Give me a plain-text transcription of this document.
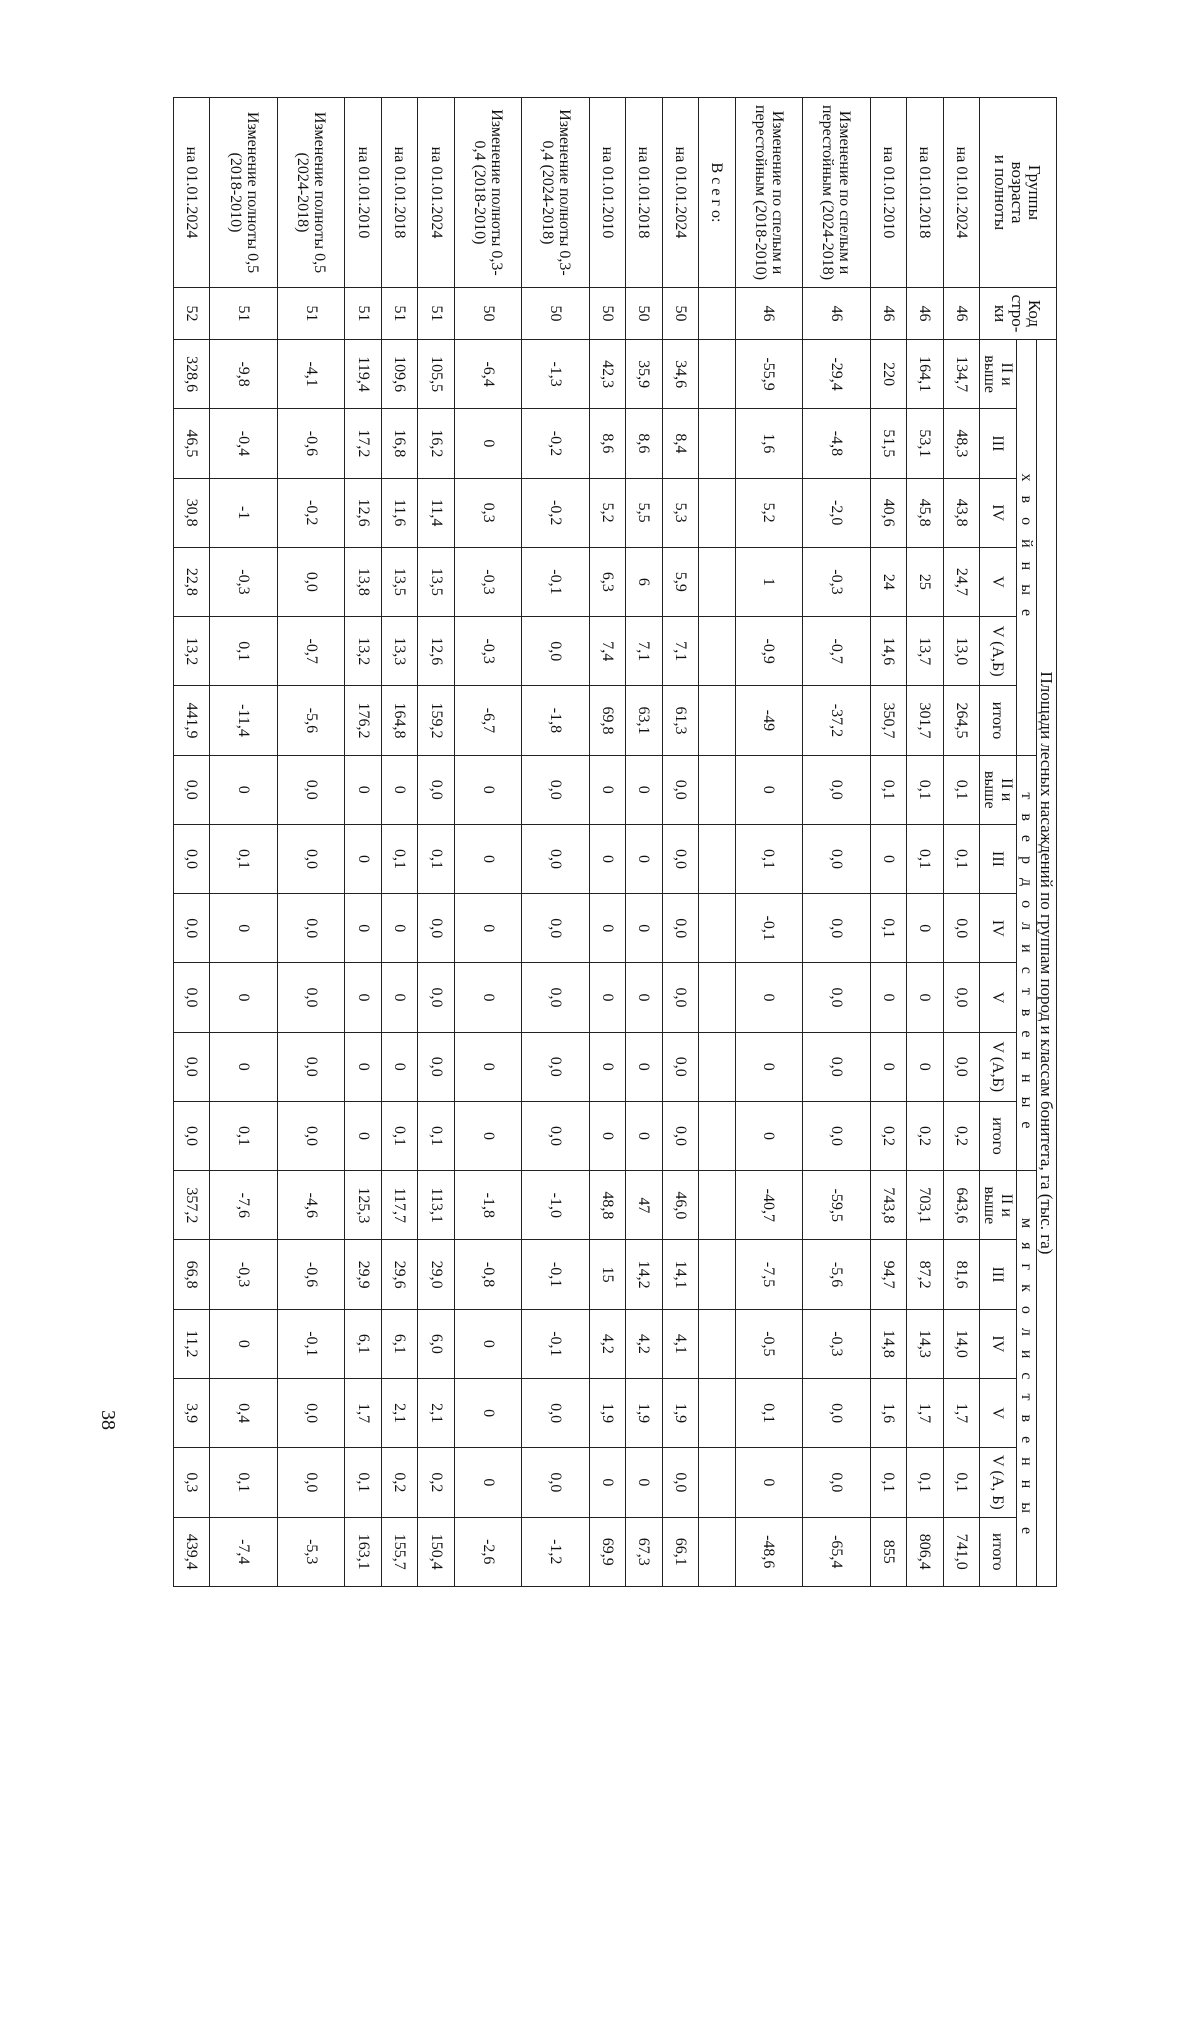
38
Группы
возраста
и полноты	Код стро-
ки	Площади лесных насаждений по группам пород и классам бонитета, га (тыс. га)																	
		х в о й н ы е						т в е р д о л и с т в е н н ы е						м я г к о л и с т в е н н ы е					
		II и выше	III	IV	V	V (А,Б)	итого	II и выше	III	IV	V	V (А,Б)	итого	II и выше	III	IV	V	V (А, Б)	итого
на 01.01.2024	46	134,7	48,3	43,8	24,7	13,0	264,5	0,1	0,1	0,0	0,0	0,0	0,2	643,6	81,6	14,0	1,7	0,1	741,0
на 01.01.2018	46	164,1	53,1	45,8	25	13,7	301,7	0,1	0,1	0	0	0	0,2	703,1	87,2	14,3	1,7	0,1	806,4
на 01.01.2010	46	220	51,5	40,6	24	14,6	350,7	0,1	0	0,1	0	0	0,2	743,8	94,7	14,8	1,6	0,1	855
Изменение по спелым и перестойным (2024-2018)	46	-29,4	-4,8	-2,0	-0,3	-0,7	-37,2	0,0	0,0	0,0	0,0	0,0	0,0	-59,5	-5,6	-0,3	0,0	0,0	-65,4
Изменение по спелым и перестойным (2018-2010)	46	-55,9	1,6	5,2	1	-0,9	-49	0	0,1	-0,1	0	0	0	-40,7	-7,5	-0,5	0,1	0	-48,6
В с е г о:																			
на 01.01.2024	50	34,6	8,4	5,3	5,9	7,1	61,3	0,0	0,0	0,0	0,0	0,0	0,0	46,0	14,1	4,1	1,9	0,0	66,1
на 01.01.2018	50	35,9	8,6	5,5	6	7,1	63,1	0	0	0	0	0	0	47	14,2	4,2	1,9	0	67,3
на 01.01.2010	50	42,3	8,6	5,2	6,3	7,4	69,8	0	0	0	0	0	0	48,8	15	4,2	1,9	0	69,9
Изменение полноты 0,3-0,4 (2024-2018)	50	-1,3	-0,2	-0,2	-0,1	0,0	-1,8	0,0	0,0	0,0	0,0	0,0	0,0	-1,0	-0,1	-0,1	0,0	0,0	-1,2
Изменение полноты 0,3-0,4 (2018-2010)	50	-6,4	0	0,3	-0,3	-0,3	-6,7	0	0	0	0	0	0	-1,8	-0,8	0	0	0	-2,6
на 01.01.2024	51	105,5	16,2	11,4	13,5	12,6	159,2	0,0	0,1	0,0	0,0	0,0	0,1	113,1	29,0	6,0	2,1	0,2	150,4
на 01.01.2018	51	109,6	16,8	11,6	13,5	13,3	164,8	0	0,1	0	0	0	0,1	117,7	29,6	6,1	2,1	0,2	155,7
на 01.01.2010	51	119,4	17,2	12,6	13,8	13,2	176,2	0	0	0	0	0	0	125,3	29,9	6,1	1,7	0,1	163,1
Изменение полноты 0,5 (2024-2018)	51	-4,1	-0,6	-0,2	0,0	-0,7	-5,6	0,0	0,0	0,0	0,0	0,0	0,0	-4,6	-0,6	-0,1	0,0	0,0	-5,3
Изменение полноты 0,5 (2018-2010)	51	-9,8	-0,4	-1	-0,3	0,1	-11,4	0	0,1	0	0	0	0,1	-7,6	-0,3	0	0,4	0,1	-7,4
на 01.01.2024	52	328,6	46,5	30,8	22,8	13,2	441,9	0,0	0,0	0,0	0,0	0,0	0,0	357,2	66,8	11,2	3,9	0,3	439,4
